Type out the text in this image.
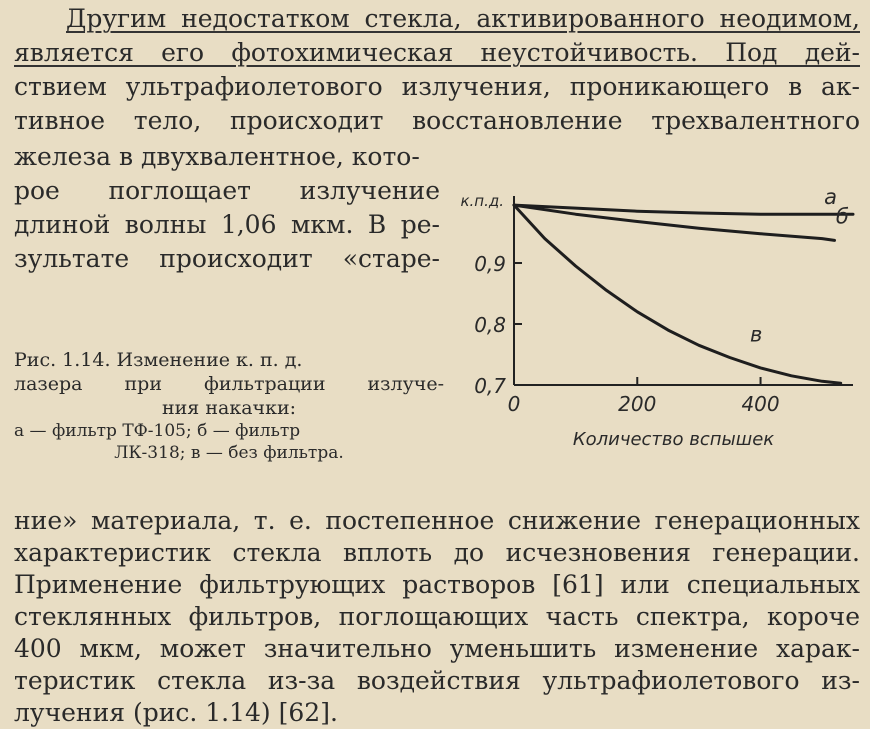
Другим недостатком стекла, активированного неодимом,
является его фотохимическая неустойчивость. Под дей-
ствием ультрафиолетового излучения, проникающего в ак-
тивное тело, происходит восстановление трехвалентного
железа в двухвалентное, кото-
рое поглощает излучение
длиной волны 1,06 мкм. В ре-
зультате происходит «старе-
Рис. 1.14. Изменение к. п. д.
лазера при фильтрации излуче-
ния накачки:
а — фильтр ТФ-105; б — фильтр
ЛК-318; в — без фильтра.
0,7
0,8
0,9
0	200	400
к.п.д.
Количество вспышек
а
б
в
ние» материала, т. е. постепенное снижение генерационных
характеристик стекла вплоть до исчезновения генерации.
Применение фильтрующих растворов [61] или специальных
стеклянных фильтров, поглощающих часть спектра, короче
400 мкм, может значительно уменьшить изменение харак-
теристик стекла из-за воздействия ультрафиолетового из-
лучения (рис. 1.14) [62].
